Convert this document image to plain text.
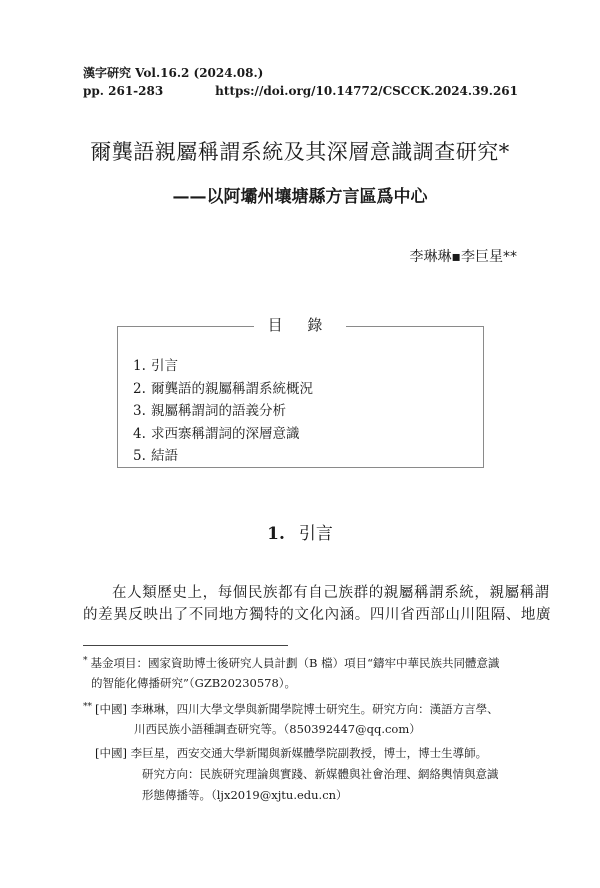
漢字硏究 Vol.16.2 (2024.08.)
pp. 261-283	https://doi.org/10.14772/CSCCK.2024.39.261
爾龔語親屬稱謂系統及其深層意識調查研究*
——以阿壩州壤塘縣方言區爲中心
李琳琳▪李巨星**
目 錄
1. 引言
2. 爾龔語的親屬稱謂系統概況
3. 親屬稱謂詞的語義分析
4. 求西寨稱謂詞的深層意識
5. 結語
1. 引言
在人類歷史上，每個民族都有自己族群的親屬稱謂系統，親屬稱謂
的差異反映出了不同地方獨特的文化內涵。四川省西部山川阻隔、地廣
* 基金項目：國家資助博士後硏究人員計劃（B 檔）項目“鑄牢中華民族共同體意識
的智能化傳播研究”（GZB20230578）。
** [中國] 李琳琳，四川大學文學與新聞學院博士研究生。研究方向：漢語方言學、
川西民族小語種調查研究等。（850392447@qq.com）
[中國] 李巨星，西安交通大學新聞與新媒體學院副教授，博士，博士生導師。
研究方向：民族研究理論與實踐、新媒體與社會治理、網絡輿情與意識
形態傳播等。（ljx2019@xjtu.edu.cn）
